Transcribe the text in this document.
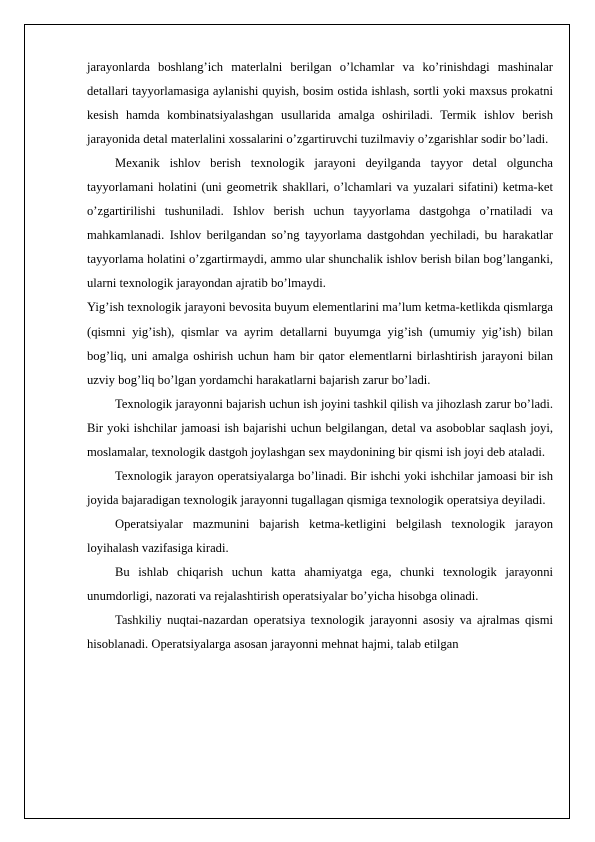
jarayonlarda boshlang’ich materlalni berilgan o’lchamlar va ko’rinishdagi mashinalar detallari tayyorlamasiga aylanishi quyish, bosim ostida ishlash, sortli yoki maxsus prokatni kesish hamda kombinatsiyalashgan usullarida amalga oshiriladi. Termik ishlov berish jarayonida detal materlalini xossalarini o’zgartiruvchi tuzilmaviy o’zgarishlar sodir bo’ladi.

Mexanik ishlov berish texnologik jarayoni deyilganda tayyor detal olguncha tayyorlamani holatini (uni geometrik shakllari, o’lchamlari va yuzalari sifatini) ketma-ket o’zgartirilishi tushuniladi. Ishlov berish uchun tayyorlama dastgohga o’rnatiladi va mahkamlanadi. Ishlov berilgandan so’ng tayyorlama dastgohdan yechiladi, bu harakatlar tayyorlama holatini o’zgartirmaydi, ammo ular shunchalik ishlov berish bilan bog’langanki, ularni texnologik jarayondan ajratib bo’lmaydi.

Yig’ish texnologik jarayoni bevosita buyum elementlarini ma’lum ketma-ketlikda qismlarga (qismni yig’ish), qismlar va ayrim detallarni buyumga yig’ish (umumiy yig’ish) bilan bog’liq, uni amalga oshirish uchun ham bir qator elementlarni birlashtirish jarayoni bilan uzviy bog’liq bo’lgan yordamchi harakatlarni bajarish zarur bo’ladi.

Texnologik jarayonni bajarish uchun ish joyini tashkil qilish va jihozlash zarur bo’ladi. Bir yoki ishchilar jamoasi ish bajarishi uchun belgilangan, detal va asoboblar saqlash joyi, moslamalar, texnologik dastgoh joylashgan sex maydonining bir qismi ish joyi deb ataladi.

Texnologik jarayon operatsiyalarga bo’linadi. Bir ishchi yoki ishchilar jamoasi bir ish joyida bajaradigan texnologik jarayonni tugallagan qismiga texnologik operatsiya deyiladi.

Operatsiyalar mazmunini bajarish ketma-ketligini belgilash texnologik jarayon loyihalash vazifasiga kiradi.

Bu ishlab chiqarish uchun katta ahamiyatga ega, chunki texnologik jarayonni unumdorligi, nazorati va rejalashtirish operatsiyalar bo’yicha hisobga olinadi.

Tashkiliy nuqtai-nazardan operatsiya texnologik jarayonni asosiy va ajralmas qismi hisoblanadi. Operatsiyalarga asosan jarayonni mehnat hajmi, talab etilgan
